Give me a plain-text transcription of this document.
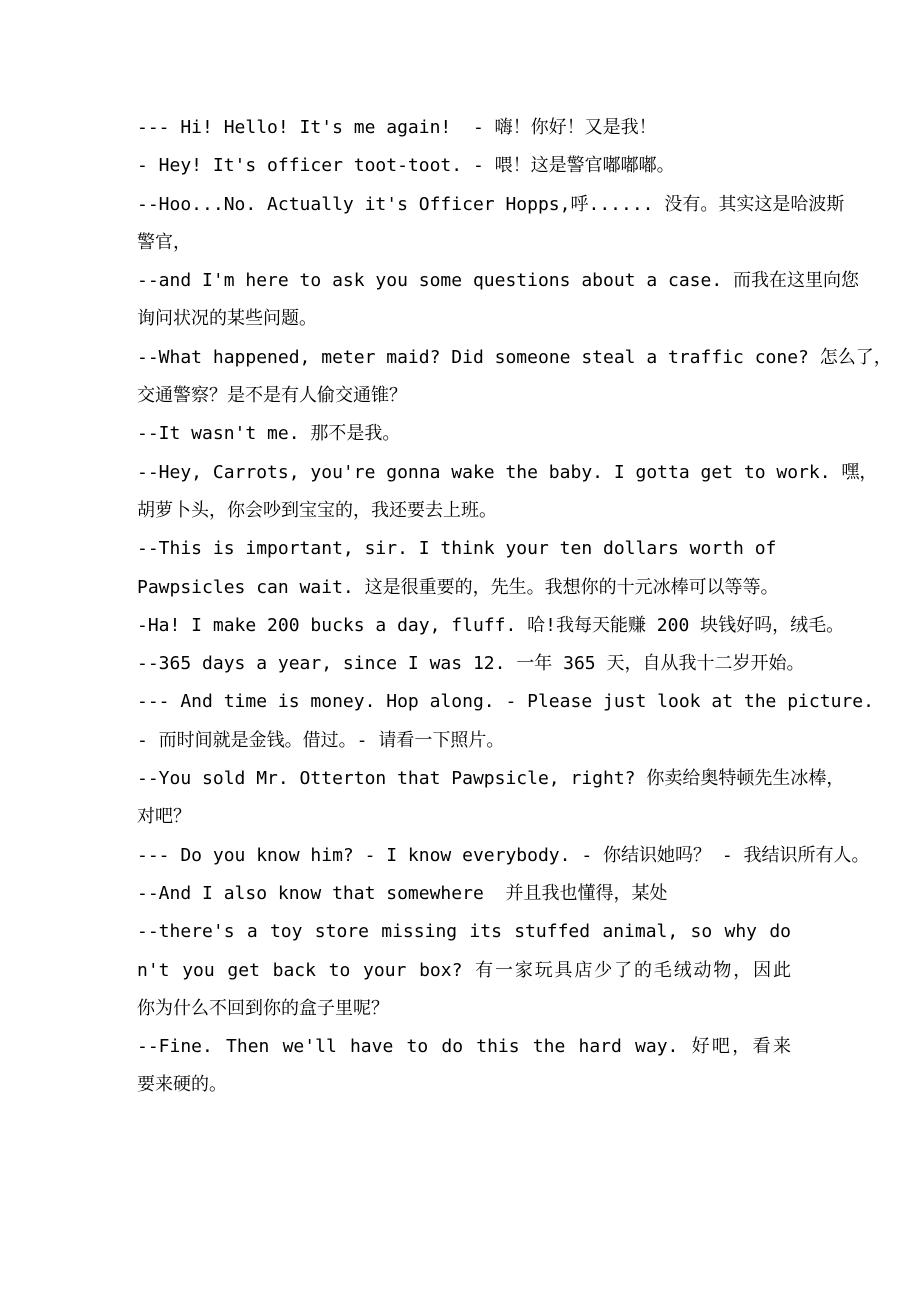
--- Hi! Hello! It's me again!  - 嗨！你好！又是我！
- Hey! It's officer toot-toot. - 喂！这是警官嘟嘟嘟。
--Hoo...No. Actually it's Officer Hopps,呼...... 没有。其实这是哈波斯
警官，
--and I'm here to ask you some questions about a case. 而我在这里向您
询问状况的某些问题。
--What happened, meter maid? Did someone steal a traffic cone? 怎么了，
交通警察？是不是有人偷交通锥？
--It wasn't me. 那不是我。
--Hey, Carrots, you're gonna wake the baby. I gotta get to work. 嘿，
胡萝卜头，你会吵到宝宝的，我还要去上班。
--This is important, sir. I think your ten dollars worth of
Pawpsicles can wait. 这是很重要的，先生。我想你的十元冰棒可以等等。
-Ha! I make 200 bucks a day, fluff. 哈!我每天能赚 200 块钱好吗，绒毛。
--365 days a year, since I was 12. 一年 365 天，自从我十二岁开始。
--- And time is money. Hop along. - Please just look at the picture.
- 而时间就是金钱。借过。- 请看一下照片。
--You sold Mr. Otterton that Pawpsicle, right? 你卖给奥特顿先生冰棒，
对吧？
--- Do you know him? - I know everybody. - 你结识她吗？ - 我结识所有人。
--And I also know that somewhere  并且我也懂得，某处
--there's a toy store missing its stuffed animal, so why do
n't you get back to your box? 有一家玩具店少了的毛绒动物，因此
你为什么不回到你的盒子里呢？
--Fine. Then we'll have to do this the hard way. 好吧，看来
要来硬的。
